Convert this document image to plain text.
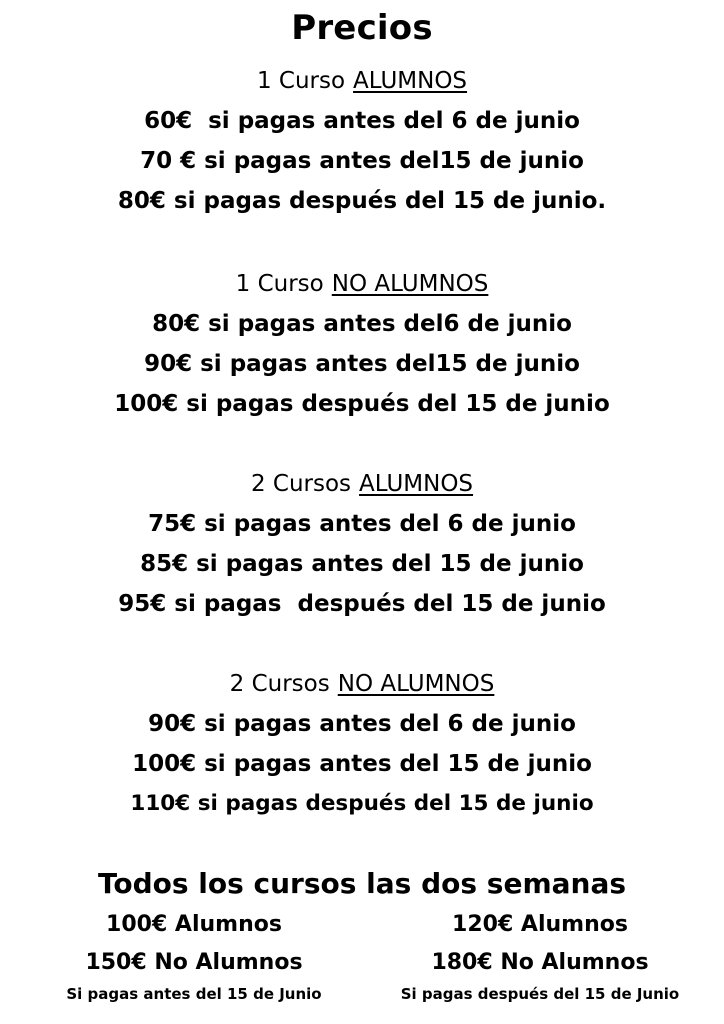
Precios
1 Curso ALUMNOS
60€  si pagas antes del 6 de junio
70 € si pagas antes del15 de junio
80€ si pagas después del 15 de junio.
1 Curso NO ALUMNOS
80€ si pagas antes del6 de junio
90€ si pagas antes del15 de junio
100€ si pagas después del 15 de junio
2 Cursos ALUMNOS
75€ si pagas antes del 6 de junio
85€ si pagas antes del 15 de junio
95€ si pagas  después del 15 de junio
2 Cursos NO ALUMNOS
90€ si pagas antes del 6 de junio
100€ si pagas antes del 15 de junio
110€ si pagas después del 15 de junio
Todos los cursos las dos semanas
100€ Alumnos
150€ No Alumnos
Si pagas antes del 15 de Junio
120€ Alumnos
180€ No Alumnos
Si pagas después del 15 de Junio
